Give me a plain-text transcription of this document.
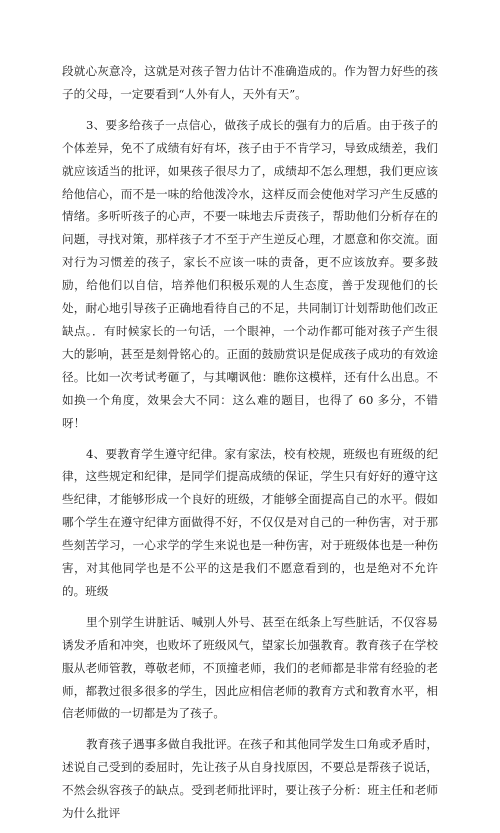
段就心灰意冷，这就是对孩子智力估计不准确造成的。作为智力好些的孩子的父母，一定要看到“人外有人，天外有天”。

3、要多给孩子一点信心，做孩子成长的强有力的后盾。由于孩子的个体差异，免不了成绩有好有坏，孩子由于不肯学习，导致成绩差，我们就应该适当的批评，如果孩子很尽力了，成绩却不怎么理想，我们更应该给他信心，而不是一味的给他泼冷水，这样反而会使他对学习产生反感的情绪。多听听孩子的心声，不要一味地去斥责孩子，帮助他们分析存在的问题，寻找对策，那样孩子才不至于产生逆反心理，才愿意和你交流。面对行为习惯差的孩子，家长不应该一味的责备，更不应该放弃。要多鼓励，给他们以自信，培养他们积极乐观的人生态度，善于发现他们的长处，耐心地引导孩子正确地看待自己的不足，共同制订计划帮助他们改正缺点。．有时候家长的一句话，一个眼神，一个动作都可能对孩子产生很大的影响，甚至是刻骨铭心的。正面的鼓励赏识是促成孩子成功的有效途径。比如一次考试考砸了，与其嘲讽他：瞧你这模样，还有什么出息。不如换一个角度，效果会大不同：这么难的题目，也得了 60 多分，不错呀！

4、要教育学生遵守纪律。家有家法，校有校规，班级也有班级的纪律，这些规定和纪律，是同学们提高成绩的保证，学生只有好好的遵守这些纪律，才能够形成一个良好的班级，才能够全面提高自己的水平。假如哪个学生在遵守纪律方面做得不好，不仅仅是对自己的一种伤害，对于那些刻苦学习，一心求学的学生来说也是一种伤害，对于班级体也是一种伤害，对其他同学也是不公平的这是我们不愿意看到的，也是绝对不允许的。班级

里个别学生讲脏话、喊别人外号、甚至在纸条上写些脏话，不仅容易诱发矛盾和冲突，也败坏了班级风气，望家长加强教育。教育孩子在学校服从老师管教，尊敬老师，不顶撞老师，我们的老师都是非常有经验的老师，都教过很多很多的学生，因此应相信老师的教育方式和教育水平，相信老师做的一切都是为了孩子。

教育孩子遇事多做自我批评。在孩子和其他同学发生口角或矛盾时，述说自己受到的委屈时，先让孩子从自身找原因，不要总是帮孩子说话，不然会纵容孩子的缺点。受到老师批评时，要让孩子分析：班主任和老师为什么批评
